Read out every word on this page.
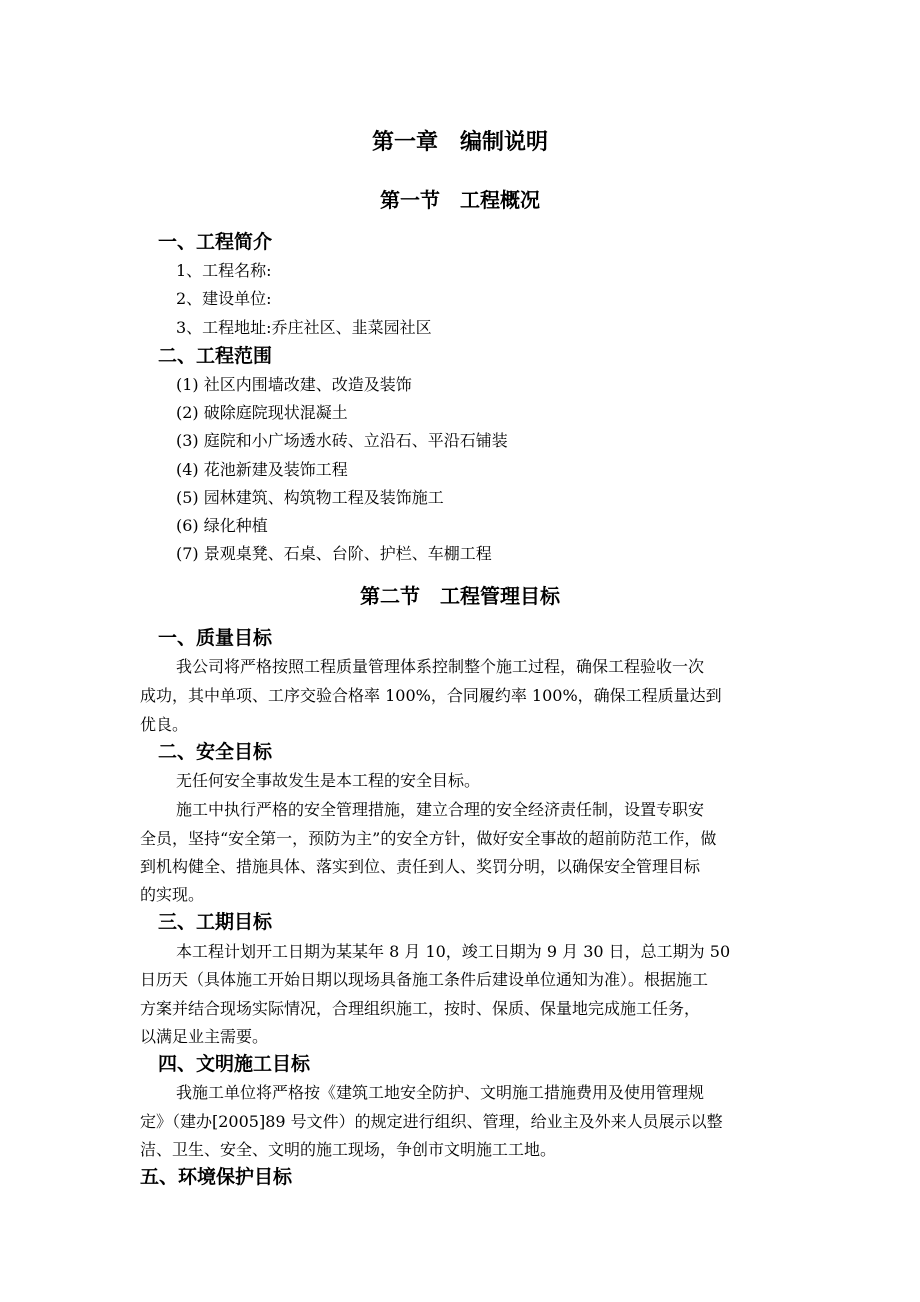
第一章　编制说明
第一节　工程概况
一、工程简介
1、工程名称:
2、建设单位:
3、工程地址:乔庄社区、韭菜园社区
二、工程范围
(1) 社区内围墙改建、改造及装饰
(2) 破除庭院现状混凝土
(3) 庭院和小广场透水砖、立沿石、平沿石铺装
(4) 花池新建及装饰工程
(5) 园林建筑、构筑物工程及装饰施工
(6) 绿化种植
(7) 景观桌凳、石桌、台阶、护栏、车棚工程
第二节　工程管理目标
一、质量目标
我公司将严格按照工程质量管理体系控制整个施工过程，确保工程验收一次
成功，其中单项、工序交验合格率 100%，合同履约率 100%，确保工程质量达到
优良。
二、安全目标
无任何安全事故发生是本工程的安全目标。
施工中执行严格的安全管理措施，建立合理的安全经济责任制，设置专职安
全员，坚持“安全第一，预防为主”的安全方针，做好安全事故的超前防范工作，做
到机构健全、措施具体、落实到位、责任到人、奖罚分明，以确保安全管理目标
的实现。
三、工期目标
本工程计划开工日期为某某年 8 月 10，竣工日期为 9 月 30 日，总工期为 50
日历天（具体施工开始日期以现场具备施工条件后建设单位通知为准）。根据施工
方案并结合现场实际情况，合理组织施工，按时、保质、保量地完成施工任务，
以满足业主需要。
四、文明施工目标
我施工单位将严格按《建筑工地安全防护、文明施工措施费用及使用管理规
定》（建办[2005]89 号文件）的规定进行组织、管理，给业主及外来人员展示以整
洁、卫生、安全、文明的施工现场，争创市文明施工工地。
五、环境保护目标
